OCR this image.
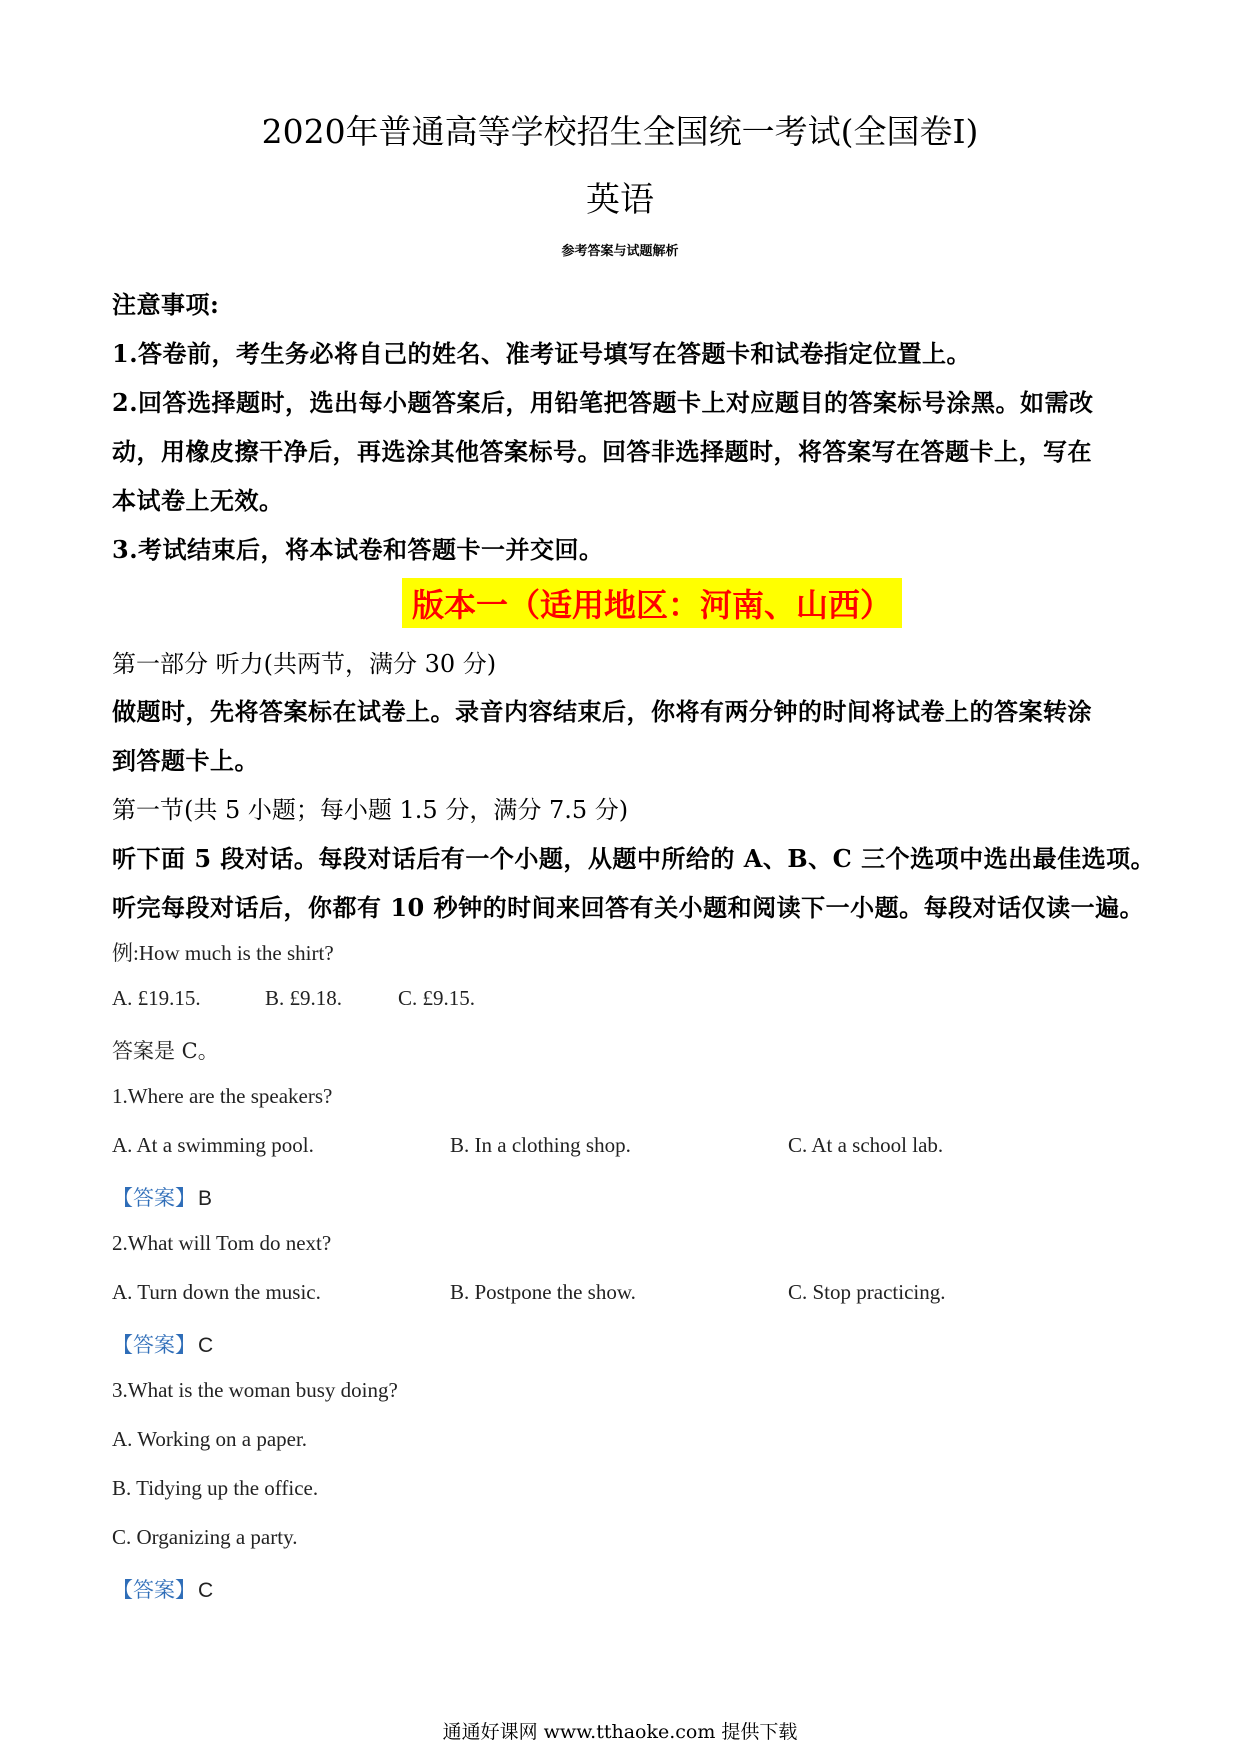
2020年普通高等学校招生全国统一考试(全国卷Ⅰ)
英语
参考答案与试题解析
注意事项:
1.答卷前，考生务必将自己的姓名、准考证号填写在答题卡和试卷指定位置上。
2.回答选择题时，选出每小题答案后，用铅笔把答题卡上对应题目的答案标号涂黑。如需改
动，用橡皮擦干净后，再选涂其他答案标号。回答非选择题时，将答案写在答题卡上，写在
本试卷上无效。
3.考试结束后，将本试卷和答题卡一并交回。
版本一（适用地区：河南、山西）
第一部分 听力(共两节，满分 30 分)
做题时，先将答案标在试卷上。录音内容结束后，你将有两分钟的时间将试卷上的答案转涂
到答题卡上。
第一节(共 5 小题；每小题 1.5 分，满分 7.5 分)
听下面 5 段对话。每段对话后有一个小题，从题中所给的 A、B、C 三个选项中选出最佳选项。
听完每段对话后，你都有 10 秒钟的时间来回答有关小题和阅读下一小题。每段对话仅读一遍。
例:How much is the shirt?
A. £19.15.	B. £9.18.	C. £9.15.
答案是 C。
1.Where are the speakers?
A. At a swimming pool.	B. In a clothing shop.	C. At a school lab.
【答案】B
2.What will Tom do next?
A. Turn down the music.	B. Postpone the show.	C. Stop practicing.
【答案】C
3.What is the woman busy doing?
A. Working on a paper.
B. Tidying up the office.
C. Organizing a party.
【答案】C
通通好课网 www.tthaoke.com 提供下载
